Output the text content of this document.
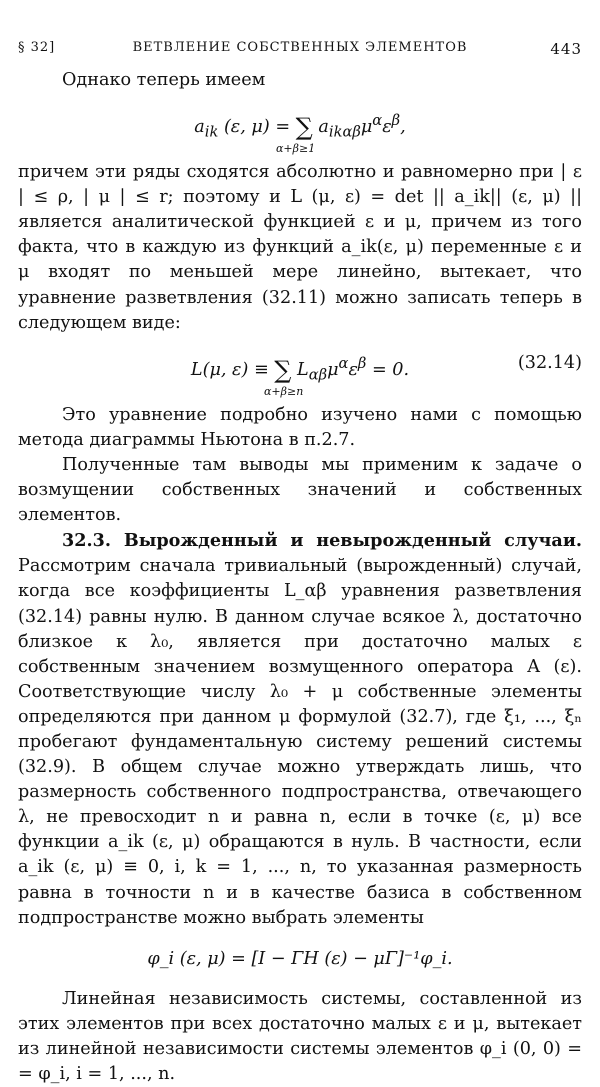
§ 32]	ВЕТВЛЕНИЕ СОБСТВЕННЫХ ЭЛЕМЕНТОВ	443

Однако теперь имеем

$a_{ik}$ (ε, μ) = ∑ $a_{ik\alpha\beta}\mu^\alpha\varepsilon^\beta$,
α+β≥1

причем эти ряды сходятся абсолютно и равномерно при | ε | ≤ ρ, | μ | ≤ r; поэтому и L (μ, ε) = det || a_ik|| (ε, μ) || является аналитической функцией ε и μ, причем из того факта, что в каждую из функций a_ik(ε, μ) переменные ε и μ входят по меньшей мере линейно, вытекает, что уравнение разветвления (32.11) можно записать теперь в следующем виде:

L(μ, ε) ≡ ∑ $L_{\alpha\beta}\mu^\alpha\varepsilon^\beta = 0$.
α+β≥n
(32.14)

Это уравнение подробно изучено нами с помощью метода диаграммы Ньютона в п.2.7.

Полученные там выводы мы применим к задаче о возмущении собственных значений и собственных элементов.

32.3. Вырожденный и невырожденный случаи. Рассмотрим сначала тривиальный (вырожденный) случай, когда все коэффициенты L_αβ уравнения разветвления (32.14) равны нулю. В данном случае всякое λ, достаточно близкое к λ₀, является при достаточно малых ε собственным значением возмущенного оператора A (ε). Соответствующие числу λ₀ + μ собственные элементы определяются при данном μ формулой (32.7), где ξ₁, ..., ξₙ пробегают фундаментальную систему решений системы (32.9). В общем случае можно утверждать лишь, что размерность собственного подпространства, отвечающего λ, не превосходит n и равна n, если в точке (ε, μ) все функции a_ik (ε, μ) обращаются в нуль. В частности, если a_ik (ε, μ) ≡ 0, i, k = 1, ..., n, то указанная размерность равна в точности n и в качестве базиса в собственном подпространстве можно выбрать элементы

φ_i (ε, μ) = [I − ΓH (ε) − μΓ]⁻¹φ_i.

Линейная независимость системы, составленной из этих элементов при всех достаточно малых ε и μ, вытекает из линейной независимости системы элементов φ_i (0, 0) = = φ_i, i = 1, ..., n.
